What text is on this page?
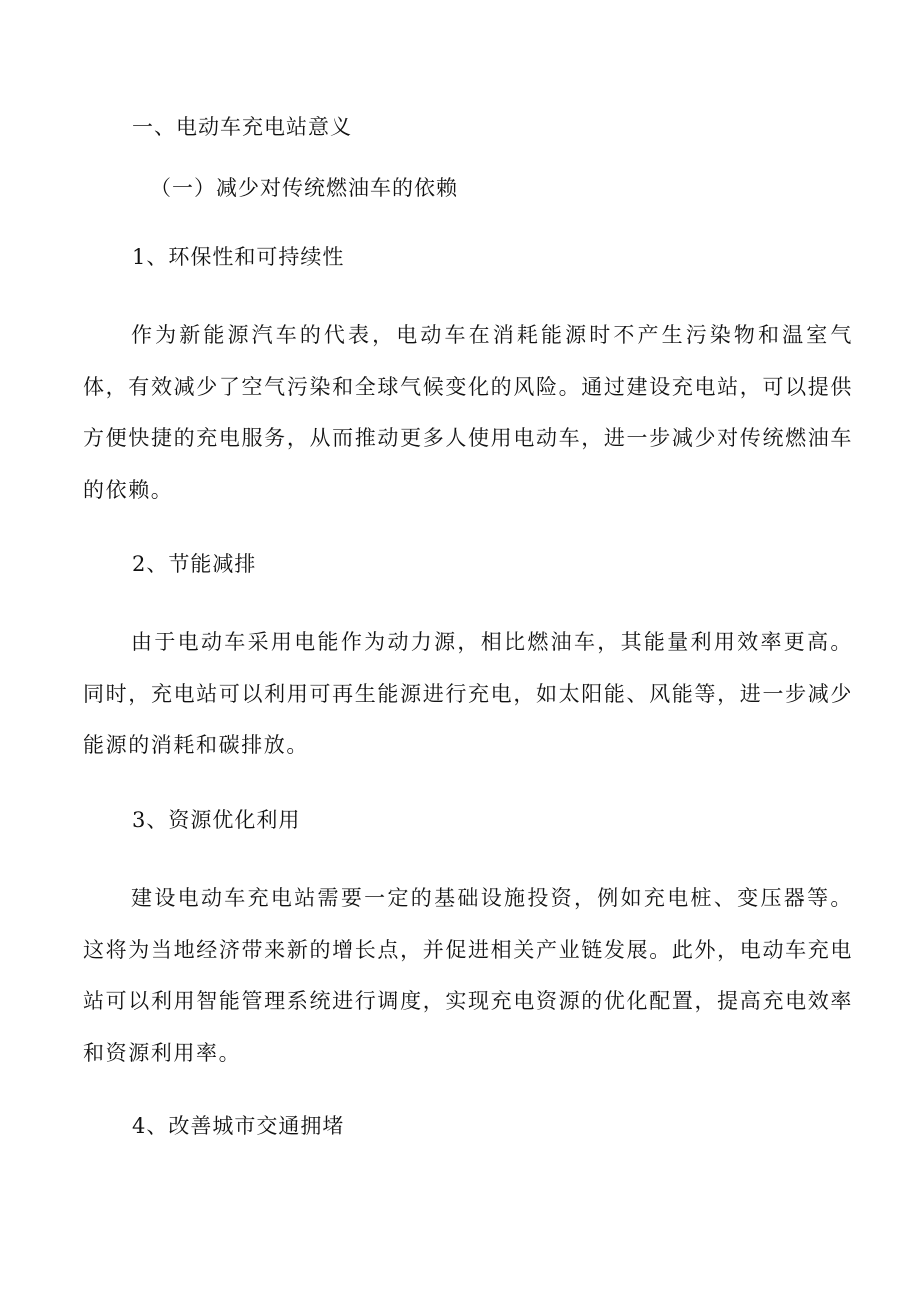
一、电动车充电站意义
（一）减少对传统燃油车的依赖
1、环保性和可持续性

作为新能源汽车的代表，电动车在消耗能源时不产生污染物和温室气体，有效减少了空气污染和全球气候变化的风险。通过建设充电站，可以提供方便快捷的充电服务，从而推动更多人使用电动车，进一步减少对传统燃油车的依赖。

2、节能减排

由于电动车采用电能作为动力源，相比燃油车，其能量利用效率更高。同时，充电站可以利用可再生能源进行充电，如太阳能、风能等，进一步减少能源的消耗和碳排放。

3、资源优化利用

建设电动车充电站需要一定的基础设施投资，例如充电桩、变压器等。这将为当地经济带来新的增长点，并促进相关产业链发展。此外，电动车充电站可以利用智能管理系统进行调度，实现充电资源的优化配置，提高充电效率和资源利用率。

4、改善城市交通拥堵
